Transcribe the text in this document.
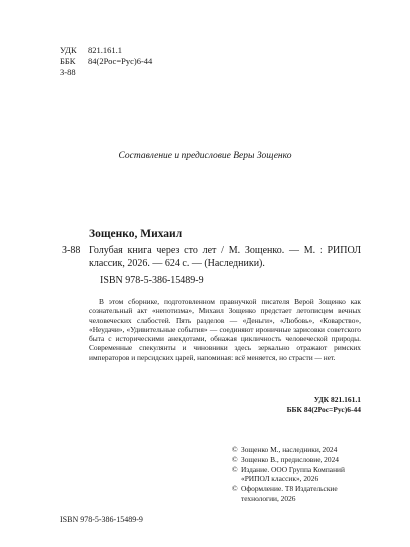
УДК	821.161.1
ББК	84(2Рос=Рус)6-44
З-88
Составление и предисловие Веры Зощенко
Зощенко, Михаил
З-88 Голубая книга через сто лет / М. Зощенко. — М. : РИПОЛ классик, 2026. — 624 с. — (Наследники).
ISBN 978-5-386-15489-9
В этом сборнике, подготовленном правнучкой писателя Верой Зощенко как сознательный акт «непотизма», Михаил Зощенко предстает летописцем вечных человеческих слабостей. Пять разделов — «Деньги», «Любовь», «Коварство», «Неудачи», «Удивительные события» — соединяют ироничные зарисовки советского быта с историческими анекдотами, обнажая цикличность человеческой природы. Современные спекулянты и чиновники здесь зеркально отражают римских императоров и персидских царей, напоминая: всё меняется, но страсти — нет.
УДК 821.161.1
ББК 84(2Рос=Рус)6-44
© Зощенко М., наследники, 2024
© Зощенко В., предисловие, 2024
© Издание. ООО Группа Компаний «РИПОЛ классик», 2026
© Оформление. Т8 Издательские технологии, 2026
ISBN 978-5-386-15489-9
